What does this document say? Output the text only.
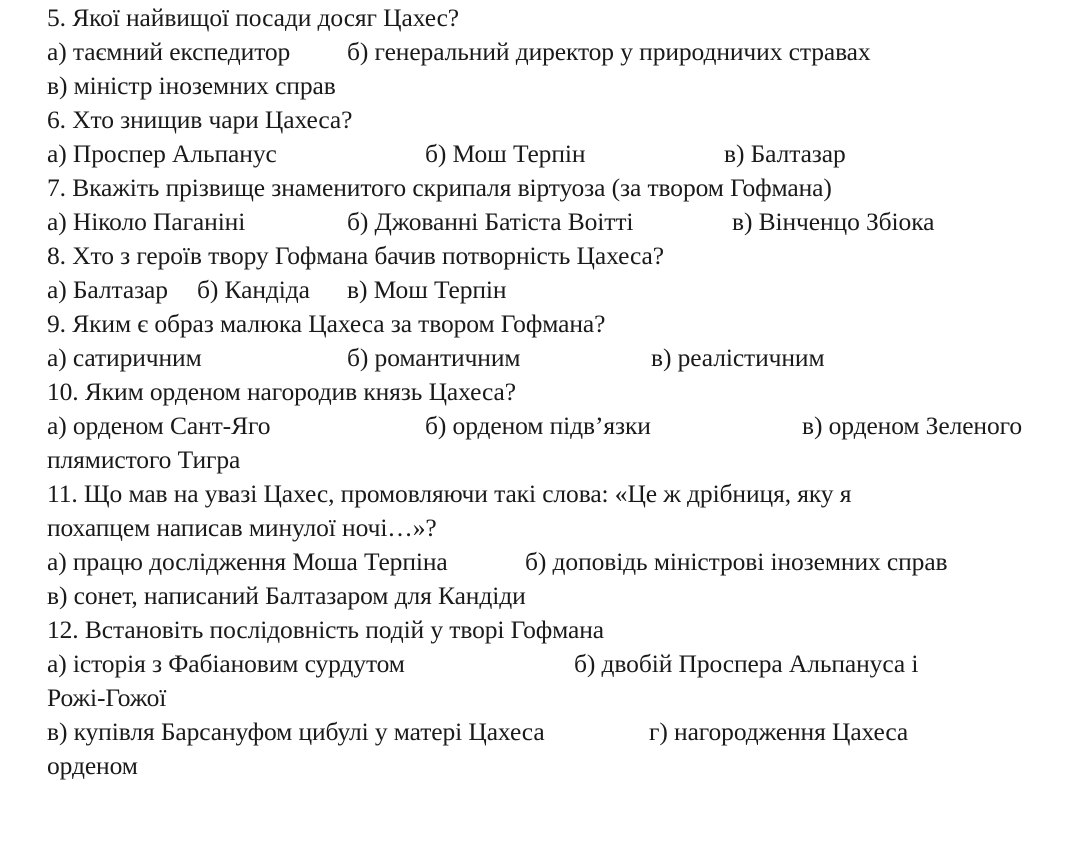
5. Якої найвищої посади досяг Цахес?
а) таємний експедитор б) генеральний директор у природничих стравах
в) міністр іноземних справ
6. Хто знищив чари Цахеса?
а) Проспер Альпанус	б) Мош Терпін	в) Балтазар
7. Вкажіть прізвище знаменитого скрипаля віртуоза (за твором Гофмана)
а) Ніколо Паганіні	б) Джованні Батіста Воітті	в) Вінченцо Збіока
8. Хто з героїв твору Гофмана бачив потворність Цахеса?
а) Балтазар б) Кандіда в) Мош Терпін
9. Яким є образ малюка Цахеса за твором Гофмана?
а) сатиричним	б) романтичним	в) реалістичним
10. Яким орденом нагородив князь Цахеса?
а) орденом Сант-Яго	б) орденом підв’язки	в) орденом Зеленого
плямистого Тигра
11. Що мав на увазі Цахес, промовляючи такі слова: «Це ж дрібниця, яку я
похапцем написав минулої ночі…»?
а) працю дослідження Моша Терпіна	б) доповідь міністрові іноземних справ
в) сонет, написаний Балтазаром для Кандіди
12. Встановіть послідовність подій у творі Гофмана
а) історія з Фабіановим сурдутом	б) двобій Проспера Альпануса і
Рожі-Гожої
в) купівля Барсануфом цибулі у матері Цахеса	г) нагородження Цахеса
орденом
